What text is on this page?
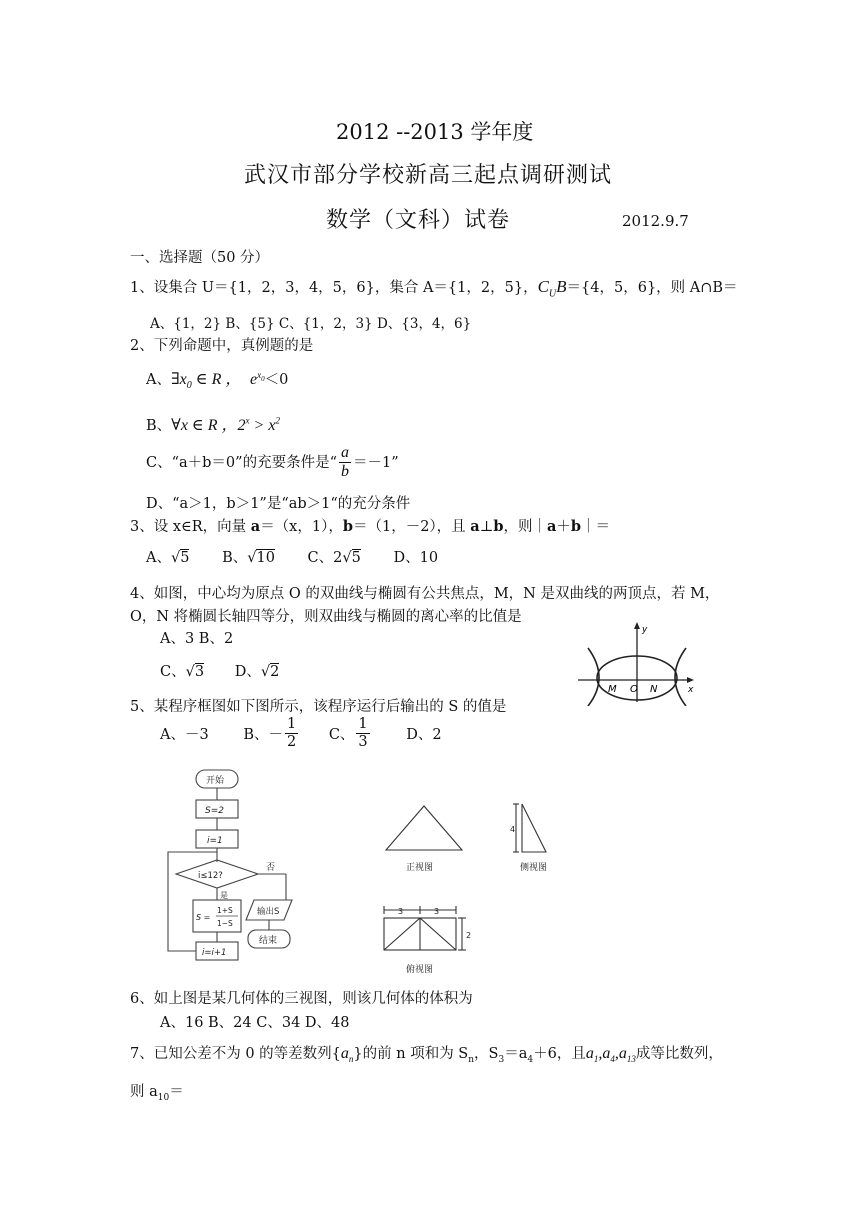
2012 --2013 学年度
武汉市部分学校新高三起点调研测试
数学（文科）试卷	2012.9.7
一、选择题（50 分）
1、设集合 U＝{1，2，3，4，5，6}，集合 A＝{1，2，5}，$C_UB=\{4$，5，6}，则 A∩B＝
A、{1，2} B、{5} C、{1，2，3} D、{3，4，6}
2、下列命题中，真例题的是
A、$\exists x_0$ ∈ R ， $e^{x_0}<0$
B、∀x ∈ R ，$2^x > x^2$
C、“a＋b＝0”的充要条件是“ $\frac{a}{b} =-1$”
D、“a＞1，b＞1”是“ab＞1“的充分条件
3、设 x∈R，向量 a＝（x，1），b＝（1，－2），且 a⊥b，则｜a＋b｜＝
A、√5 B、√10 C、2√5 D、10
4、如图，中心均为原点 O 的双曲线与椭圆有公共焦点，M，N 是双曲线的两顶点，若 M，
O，N 将椭圆长轴四等分，则双曲线与椭圆的离心率的比值是
A、3 B、2
C、√3 D、√2
y
x
M O N
5、某程序框图如下图所示，该程序运行后输出的 S 的值是
A、－3 B、－ $\frac{1}{2}$ C、 $\frac{1}{3}$	D、2
开始
S=2
i=1
i≤12?
否
是
S =
1+S
1−S
输出S
结束
i=i+1
正视图	侧视图
4
3	3
2
俯视图
6、如上图是某几何体的三视图，则该几何体的体积为
A、16 B、24 C、34 D、48
7、已知公差不为 0 的等差数列$\{a_n\}$的前 n 项和为 $S_n$，$S_3=a_4+6$，且$a_1,a_4,a_{13}$成等比数列，
则 $a_{10}=$
